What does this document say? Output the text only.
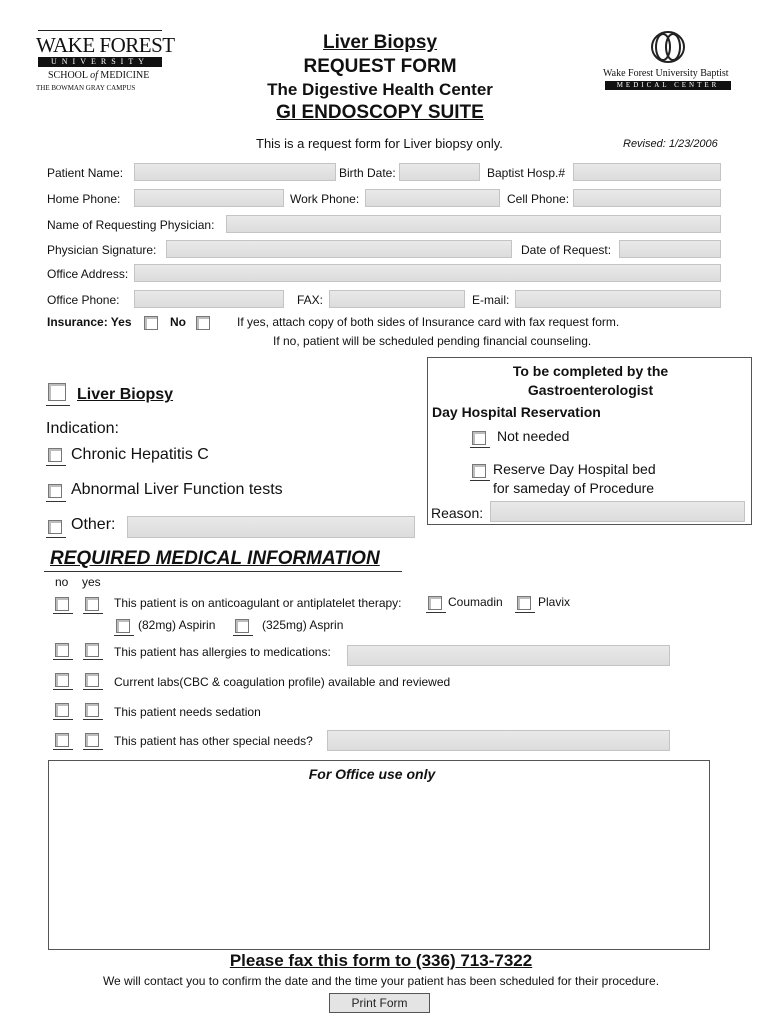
WAKE FOREST
UNIVERSITY
SCHOOL of MEDICINE
THE BOWMAN GRAY CAMPUS
Liver Biopsy
REQUEST FORM
The Digestive Health Center
GI ENDOSCOPY SUITE
Wake Forest University Baptist
MEDICAL CENTER
This is a request form for Liver biopsy only.	Revised: 1/23/2006
Patient Name:	Birth Date:	Baptist Hosp.#
Home Phone:	Work Phone:	Cell Phone:
Name of Requesting Physician:
Physician Signature:	Date of Request:
Office Address:
Office Phone:	FAX:	E-mail:
Insurance: Yes	No	If yes, attach copy of both sides of Insurance card with fax request form.
If no, patient will be scheduled pending financial counseling.
Liver Biopsy
Indication:
Chronic Hepatitis C
Abnormal Liver Function tests
Other:
To be completed by the
Gastroenterologist
Day Hospital Reservation
Not needed
Reserve Day Hospital bed
for sameday of Procedure
Reason:
REQUIRED MEDICAL INFORMATION
no yes
This patient is on anticoagulant or antiplatelet therapy:	Coumadin	Plavix
(82mg) Aspirin	(325mg) Asprin
This patient has allergies to medications:
Current labs(CBC & coagulation profile) available and reviewed
This patient needs sedation
This patient has other special needs?
For Office use only
Please fax this form to (336) 713-7322
We will contact you to confirm the date and the time your patient has been scheduled for their procedure.
Print Form
